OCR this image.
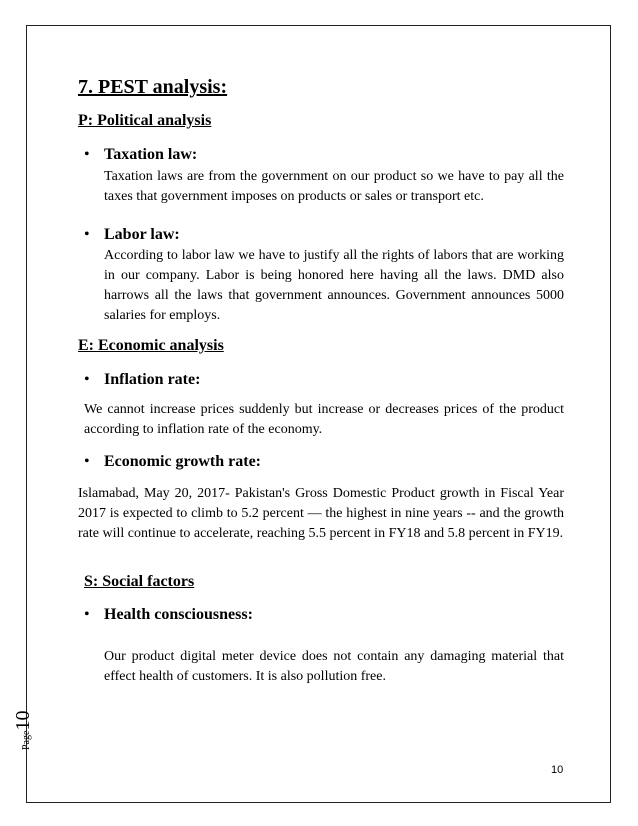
7. PEST analysis:
P: Political analysis
• Taxation law:

Taxation laws are from the government on our product so we have to pay all the taxes that government imposes on products or sales or transport etc.

• Labor law:

According to labor law we have to justify all the rights of labors that are working in our company. Labor is being honored here having all the laws. DMD also harrows all the laws that government announces. Government announces 5000 salaries for employs.

E: Economic analysis
• Inflation rate:

We cannot increase prices suddenly but increase or decreases prices of the product according to inflation rate of the economy.

• Economic growth rate:

Islamabad, May 20, 2017- Pakistan's Gross Domestic Product growth in Fiscal Year 2017 is expected to climb to 5.2 percent — the highest in nine years -- and the growth rate will continue to accelerate, reaching 5.5 percent in FY18 and 5.8 percent in FY19.

S: Social factors
• Health consciousness:

Our product digital meter device does not contain any damaging material that effect health of customers. It is also pollution free.

Page10
10
